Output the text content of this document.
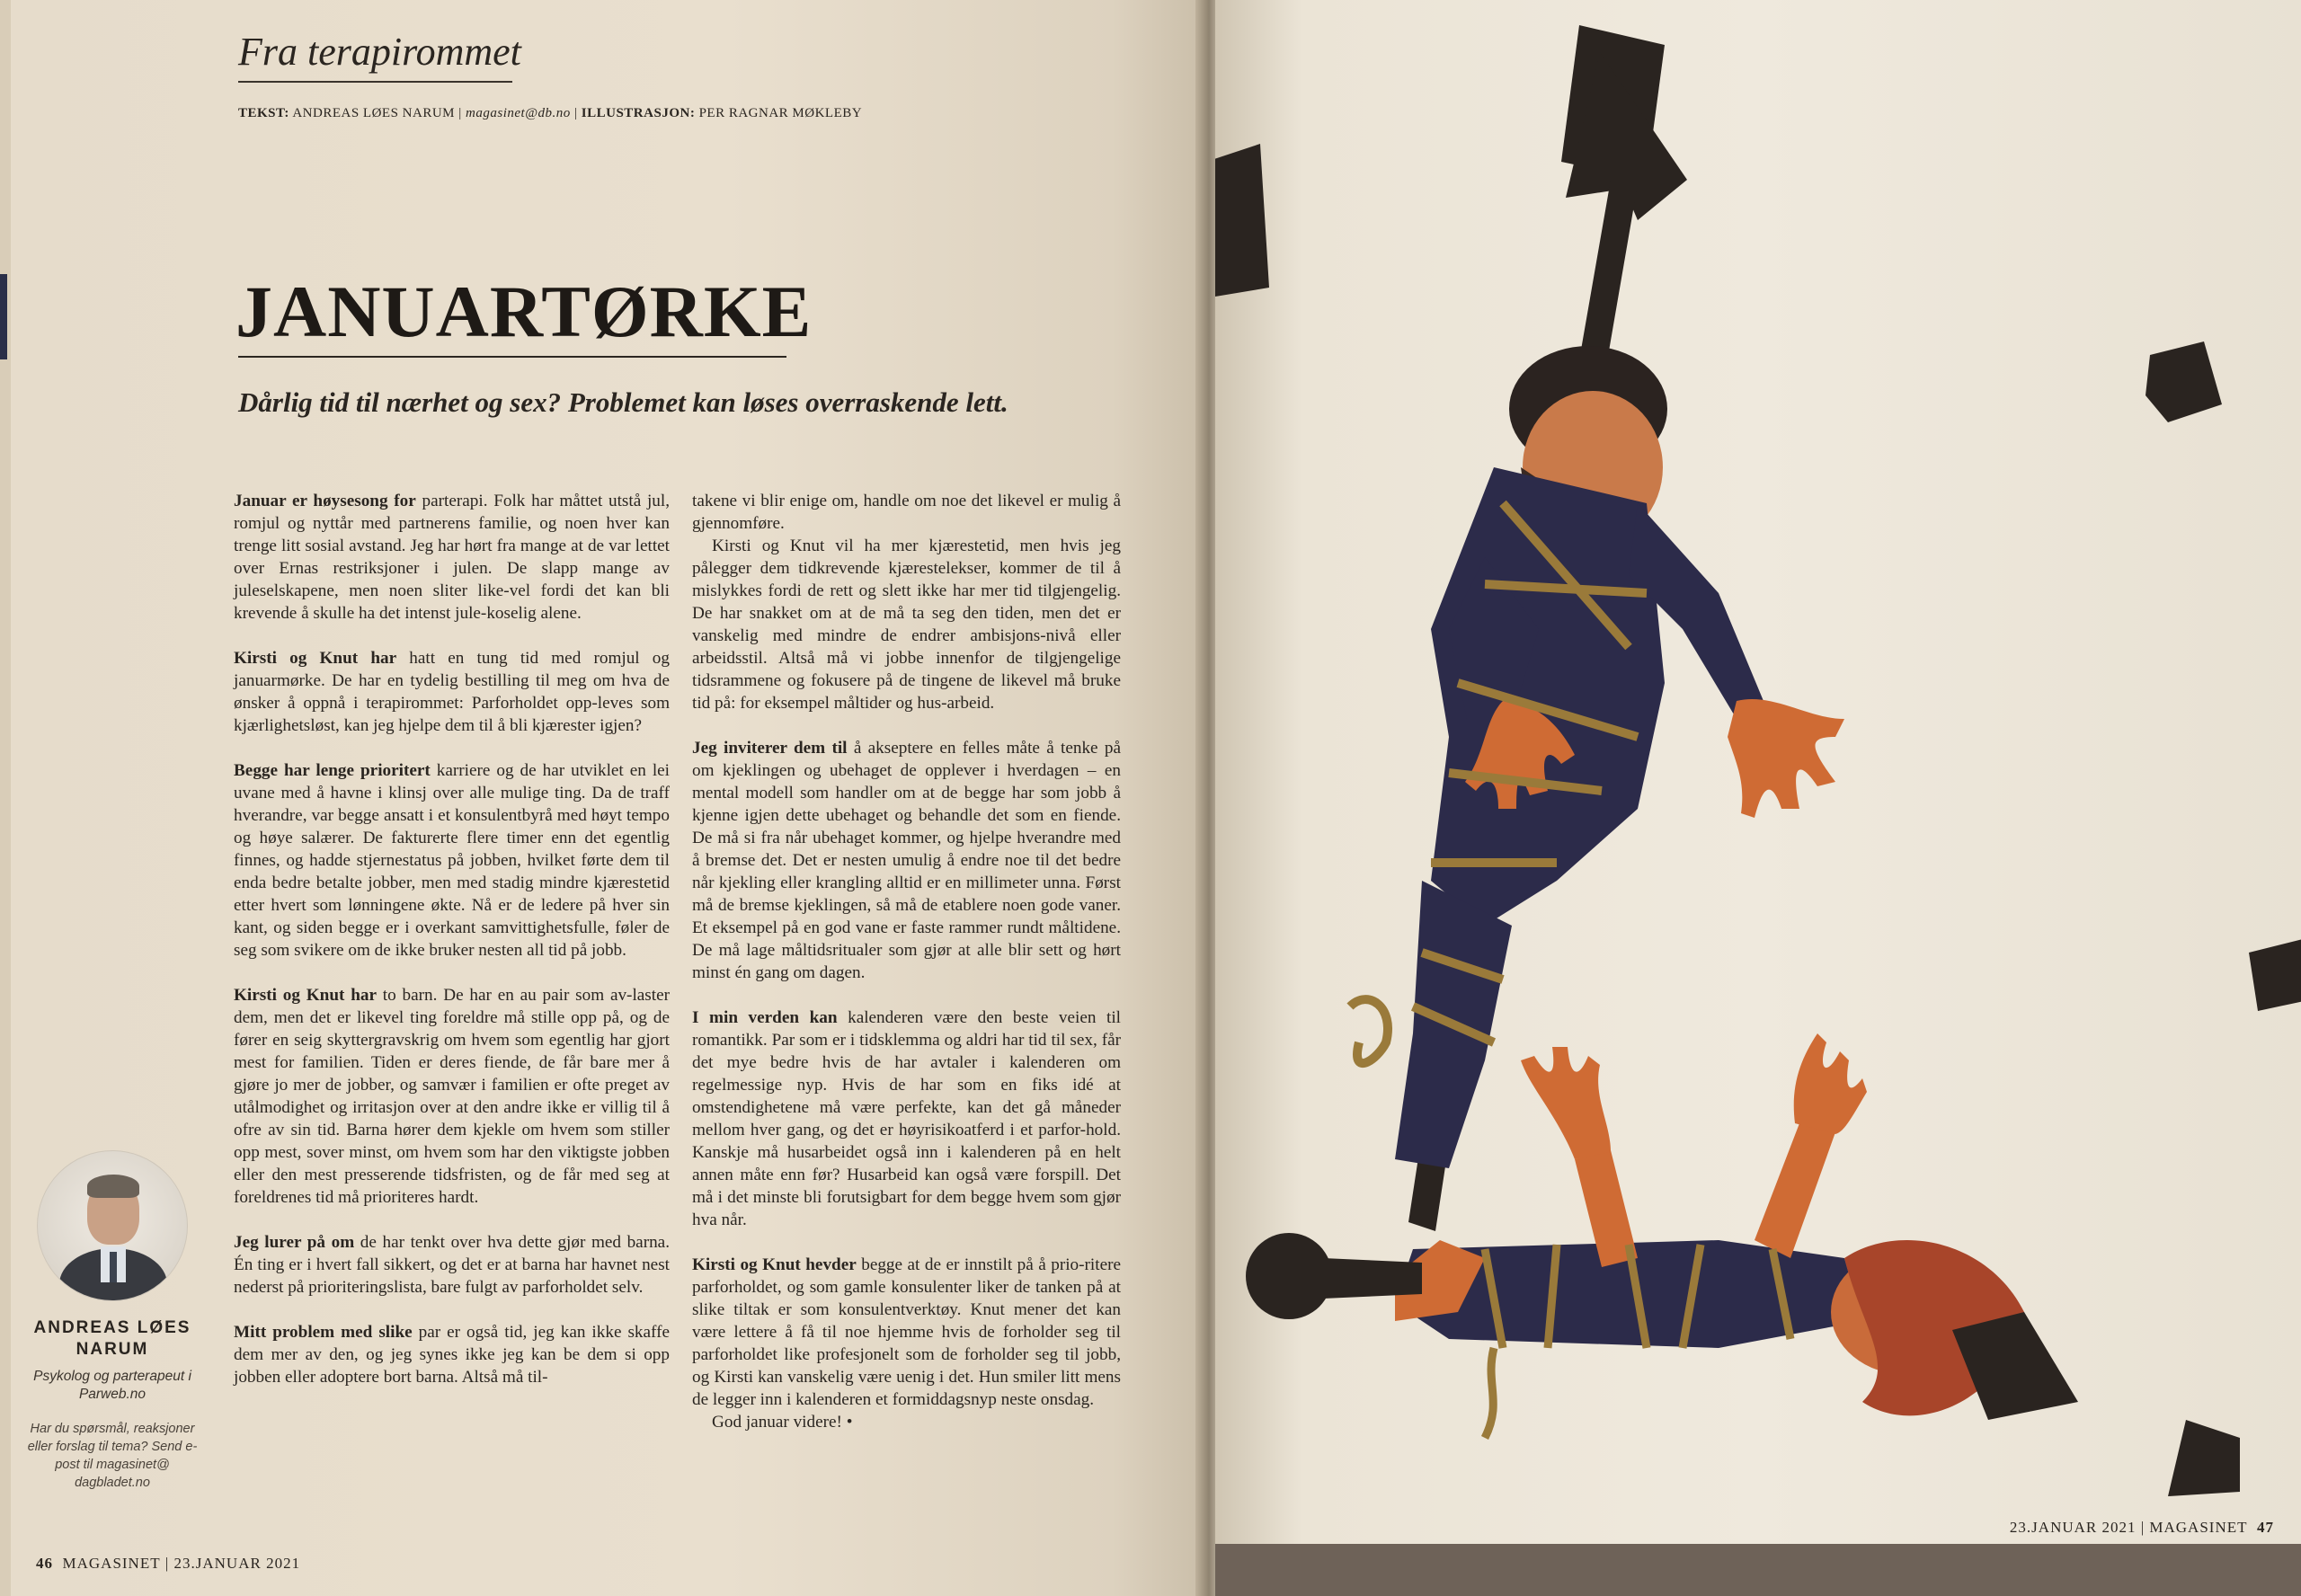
Fra terapirommet
TEKST: ANDREAS LØES NARUM | magasinet@db.no | ILLUSTRASJON: PER RAGNAR MØKLEBY
JANUARTØRKE
Dårlig tid til nærhet og sex? Problemet kan løses overraskende lett.

Januar er høysesong for parterapi. Folk har måttet utstå jul, romjul og nyttår med partnerens familie, og noen hver kan trenge litt sosial avstand. Jeg har hørt fra mange at de var lettet over Ernas restriksjoner i julen. De slapp mange av juleselskapene, men noen sliter like-vel fordi det kan bli krevende å skulle ha det intenst jule-koselig alene.

Kirsti og Knut har hatt en tung tid med romjul og januarmørke. De har en tydelig bestilling til meg om hva de ønsker å oppnå i terapirommet: Parforholdet opp-leves som kjærlighetsløst, kan jeg hjelpe dem til å bli kjærester igjen?

Begge har lenge prioritert karriere og de har utviklet en lei uvane med å havne i klinsj over alle mulige ting. Da de traff hverandre, var begge ansatt i et konsulentbyrå med høyt tempo og høye salærer. De fakturerte flere timer enn det egentlig finnes, og hadde stjernestatus på jobben, hvilket førte dem til enda bedre betalte jobber, men med stadig mindre kjærestetid etter hvert som lønningene økte. Nå er de ledere på hver sin kant, og siden begge er i overkant samvittighetsfulle, føler de seg som svikere om de ikke bruker nesten all tid på jobb.

Kirsti og Knut har to barn. De har en au pair som av-laster dem, men det er likevel ting foreldre må stille opp på, og de fører en seig skyttergravskrig om hvem som egentlig har gjort mest for familien. Tiden er deres fiende, de får bare mer å gjøre jo mer de jobber, og samvær i familien er ofte preget av utålmodighet og irritasjon over at den andre ikke er villig til å ofre av sin tid. Barna hører dem kjekle om hvem som stiller opp mest, sover minst, om hvem som har den viktigste jobben eller den mest presserende tidsfristen, og de får med seg at foreldrenes tid må prioriteres hardt.

Jeg lurer på om de har tenkt over hva dette gjør med barna. Én ting er i hvert fall sikkert, og det er at barna har havnet nest nederst på prioriteringslista, bare fulgt av parforholdet selv.

Mitt problem med slike par er også tid, jeg kan ikke skaffe dem mer av den, og jeg synes ikke jeg kan be dem si opp jobben eller adoptere bort barna. Altså må til-

takene vi blir enige om, handle om noe det likevel er mulig å gjennomføre.

Kirsti og Knut vil ha mer kjærestetid, men hvis jeg pålegger dem tidkrevende kjærestelekser, kommer de til å mislykkes fordi de rett og slett ikke har mer tid tilgjengelig. De har snakket om at de må ta seg den tiden, men det er vanskelig med mindre de endrer ambisjons-nivå eller arbeidsstil. Altså må vi jobbe innenfor de tilgjengelige tidsrammene og fokusere på de tingene de likevel må bruke tid på: for eksempel måltider og hus-arbeid.

Jeg inviterer dem til å akseptere en felles måte å tenke på om kjeklingen og ubehaget de opplever i hverdagen – en mental modell som handler om at de begge har som jobb å kjenne igjen dette ubehaget og behandle det som en fiende. De må si fra når ubehaget kommer, og hjelpe hverandre med å bremse det. Det er nesten umulig å endre noe til det bedre når kjekling eller krangling alltid er en millimeter unna. Først må de bremse kjeklingen, så må de etablere noen gode vaner. Et eksempel på en god vane er faste rammer rundt måltidene. De må lage måltidsritualer som gjør at alle blir sett og hørt minst én gang om dagen.

I min verden kan kalenderen være den beste veien til romantikk. Par som er i tidsklemma og aldri har tid til sex, får det mye bedre hvis de har avtaler i kalenderen om regelmessige nyp. Hvis de har som en fiks idé at omstendighetene må være perfekte, kan det gå måneder mellom hver gang, og det er høyrisikoatferd i et parfor-hold. Kanskje må husarbeidet også inn i kalenderen på en helt annen måte enn før? Husarbeid kan også være forspill. Det må i det minste bli forutsigbart for dem begge hvem som gjør hva når.

Kirsti og Knut hevder begge at de er innstilt på å prio-ritere parforholdet, og som gamle konsulenter liker de tanken på at slike tiltak er som konsulentverktøy. Knut mener det kan være lettere å få til noe hjemme hvis de forholder seg til parforholdet like profesjonelt som de forholder seg til jobb, og Kirsti kan vanskelig være uenig i det. Hun smiler litt mens de legger inn i kalenderen et formiddagsnyp neste onsdag.

God januar videre! •

ANDREAS LØES NARUM
Psykolog og parterapeut i Parweb.no
Har du spørsmål, reaksjoner eller forslag til tema? Send e-post til magasinet@ dagbladet.no
46 MAGASINET | 23.JANUAR 2021
23.JANUAR 2021 | MAGASINET 47
